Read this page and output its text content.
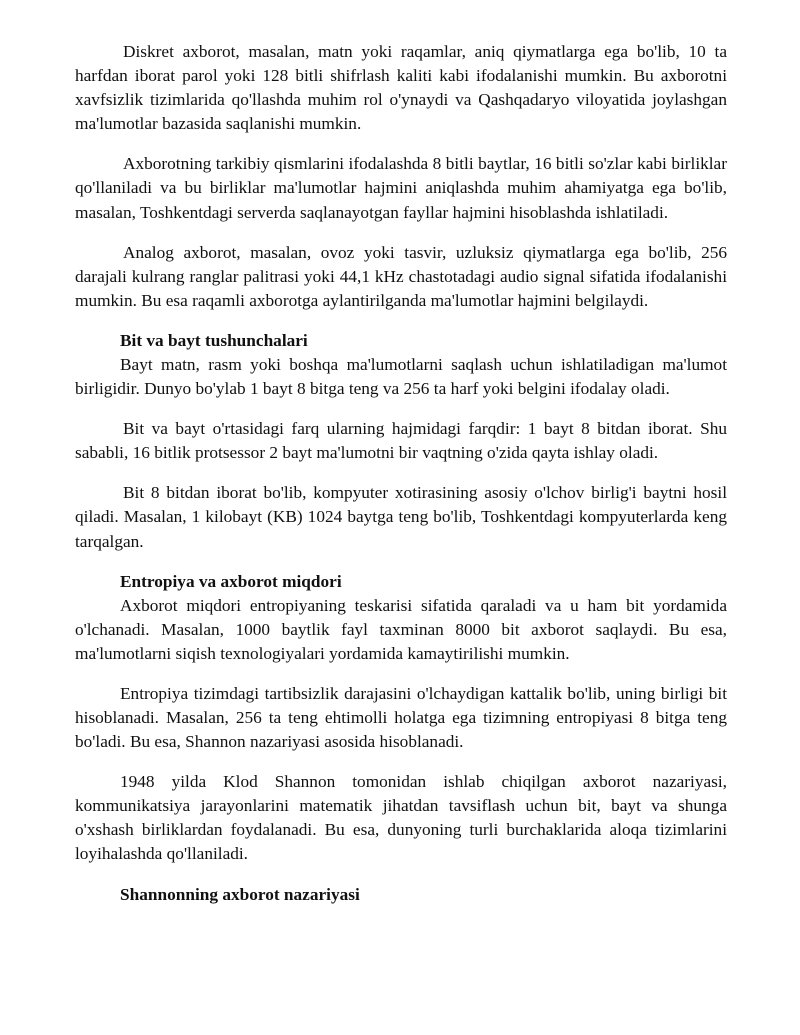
Diskret axborot, masalan, matn yoki raqamlar, aniq qiymatlarga ega bo'lib, 10 ta harfdan iborat parol yoki 128 bitli shifrlash kaliti kabi ifodalanishi mumkin. Bu axborotni xavfsizlik tizimlarida qo'llashda muhim rol o'ynaydi va Qashqadaryo viloyatida joylashgan ma'lumotlar bazasida saqlanishi mumkin.

Axborotning tarkibiy qismlarini ifodalashda 8 bitli baytlar, 16 bitli so'zlar kabi birliklar qo'llaniladi va bu birliklar ma'lumotlar hajmini aniqlashda muhim ahamiyatga ega bo'lib, masalan, Toshkentdagi serverda saqlanayotgan fayllar hajmini hisoblashda ishlatiladi.

Analog axborot, masalan, ovoz yoki tasvir, uzluksiz qiymatlarga ega bo'lib, 256 darajali kulrang ranglar palitrasi yoki 44,1 kHz chastotadagi audio signal sifatida ifodalanishi mumkin. Bu esa raqamli axborotga aylantirilganda ma'lumotlar hajmini belgilaydi.

Bit va bayt tushunchalari

Bayt matn, rasm yoki boshqa ma'lumotlarni saqlash uchun ishlatiladigan ma'lumot birligidir. Dunyo bo'ylab 1 bayt 8 bitga teng va 256 ta harf yoki belgini ifodalay oladi.

Bit va bayt o'rtasidagi farq ularning hajmidagi farqdir: 1 bayt 8 bitdan iborat. Shu sababli, 16 bitlik protsessor 2 bayt ma'lumotni bir vaqtning o'zida qayta ishlay oladi.

Bit 8 bitdan iborat bo'lib, kompyuter xotirasining asosiy o'lchov birlig'i baytni hosil qiladi. Masalan, 1 kilobayt (KB) 1024 baytga teng bo'lib, Toshkentdagi kompyuterlarda keng tarqalgan.

Entropiya va axborot miqdori

Axborot miqdori entropiyaning teskarisi sifatida qaraladi va u ham bit yordamida o'lchanadi. Masalan, 1000 baytlik fayl taxminan 8000 bit axborot saqlaydi. Bu esa, ma'lumotlarni siqish texnologiyalari yordamida kamaytirilishi mumkin.

Entropiya tizimdagi tartibsizlik darajasini o'lchaydigan kattalik bo'lib, uning birligi bit hisoblanadi. Masalan, 256 ta teng ehtimolli holatga ega tizimning entropiyasi 8 bitga teng bo'ladi. Bu esa, Shannon nazariyasi asosida hisoblanadi.

1948 yilda Klod Shannon tomonidan ishlab chiqilgan axborot nazariyasi, kommunikatsiya jarayonlarini matematik jihatdan tavsiflash uchun bit, bayt va shunga o'xshash birliklardan foydalanadi. Bu esa, dunyoning turli burchaklarida aloqa tizimlarini loyihalashda qo'llaniladi.

Shannonning axborot nazariyasi
